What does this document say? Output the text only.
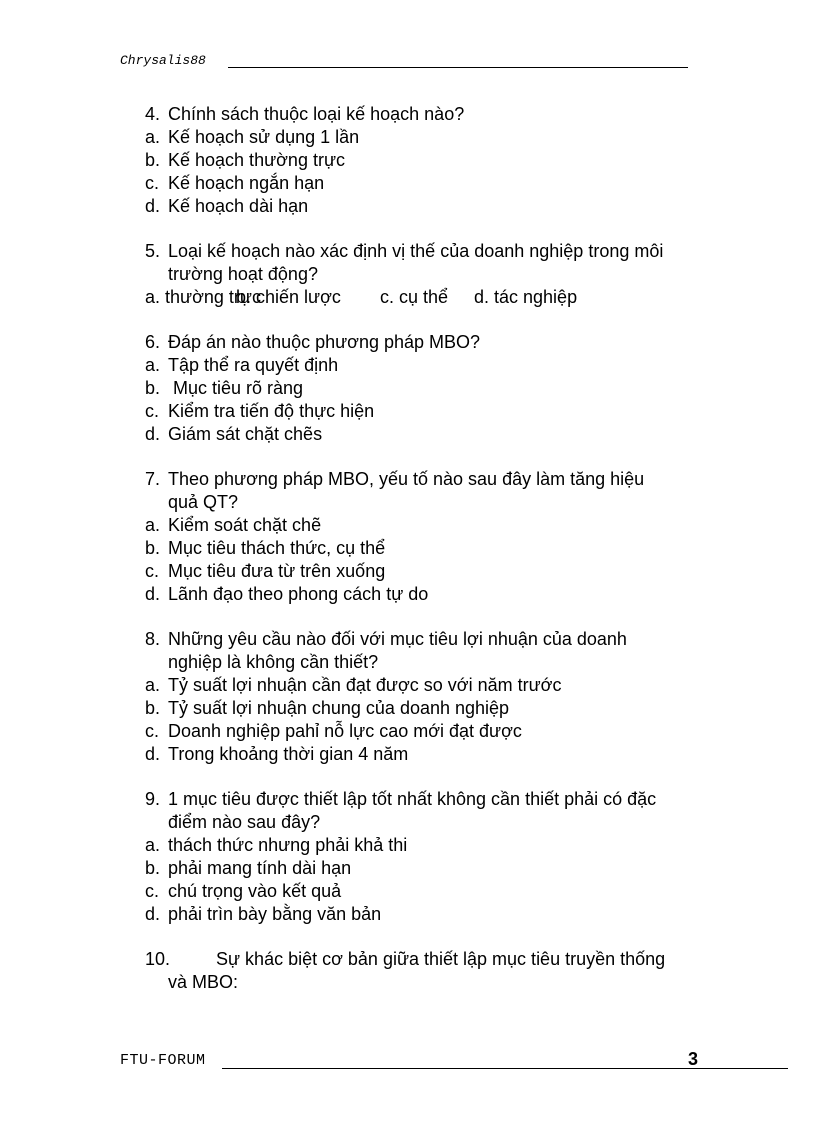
Chrysalis88
4. Chính sách thuộc loại kế hoạch nào?
a. Kế hoạch sử dụng 1 lần
b. Kế hoạch thường trực
c. Kế hoạch ngắn hạn
d. Kế hoạch dài hạn
5. Loại kế hoạch nào xác định vị thế của doanh nghiệp trong môi
trường hoạt động?
a. thường trực
b. chiến lược	c. cụ thể	d. tác nghiệp
6. Đáp án nào thuộc phương pháp MBO?
a. Tập thể ra quyết định
b. Mục tiêu rõ ràng
c. Kiểm tra tiến độ thực hiện
d. Giám sát chặt chẽs
7. Theo phương pháp MBO, yếu tố nào sau đây làm tăng hiệu
quả QT?
a. Kiểm soát chặt chẽ
b. Mục tiêu thách thức, cụ thể
c. Mục tiêu đưa từ trên xuống
d. Lãnh đạo theo phong cách tự do
8. Những yêu cầu nào đối với mục tiêu lợi nhuận của doanh
nghiệp là không cần thiết?
a. Tỷ suất lợi nhuận cần đạt được so với năm trước
b. Tỷ suất lợi nhuận chung của doanh nghiệp
c. Doanh nghiệp pahỉ nỗ lực cao mới đạt được
d. Trong khoảng thời gian 4 năm
9. 1 mục tiêu được thiết lập tốt nhất không cần thiết phải có đặc
điểm nào sau đây?
a. thách thức nhưng phải khả thi
b. phải mang tính dài hạn
c. chú trọng vào kết quả
d. phải trìn bày bằng văn bản
10.	Sự khác biệt cơ bản giữa thiết lập mục tiêu truyền thống
và MBO:
FTU-FORUM	3
